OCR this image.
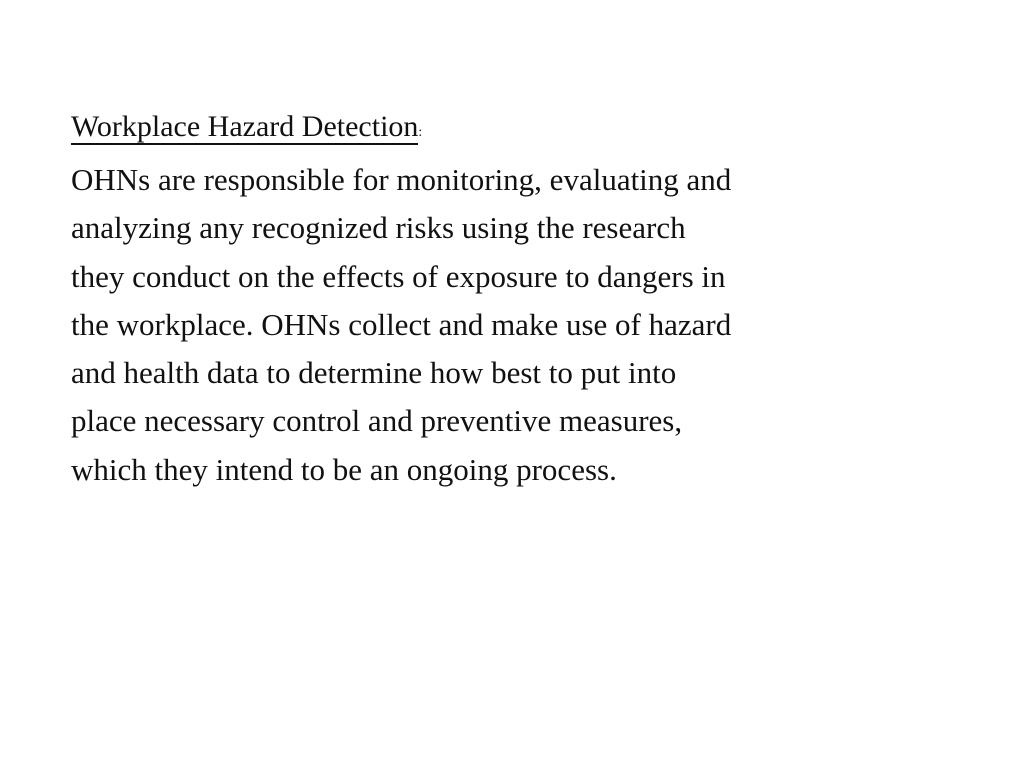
Workplace Hazard Detection:

OHNs are responsible for monitoring, evaluating and
analyzing any recognized risks using the research
they conduct on the effects of exposure to dangers in
the workplace. OHNs collect and make use of hazard
and health data to determine how best to put into
place necessary control and preventive measures,
which they intend to be an ongoing process.
